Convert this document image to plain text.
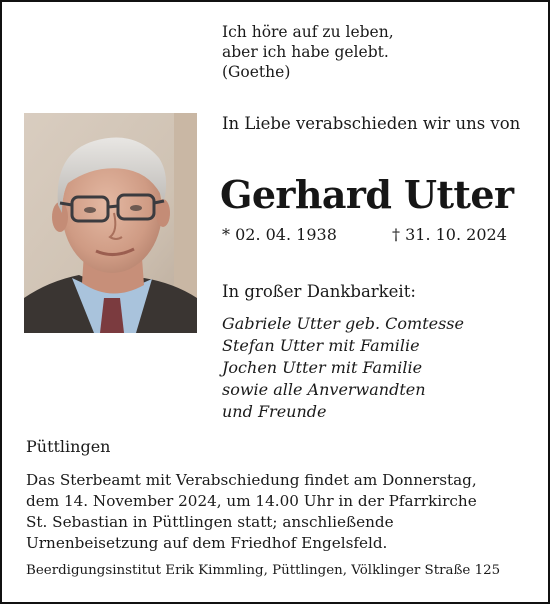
Ich höre auf zu leben,
aber ich habe gelebt.
(Goethe)
In Liebe verabschieden wir uns von
Gerhard Utter
* 02. 04. 1938	† 31. 10. 2024
In großer Dankbarkeit:
Gabriele Utter geb. Comtesse
Stefan Utter mit Familie
Jochen Utter mit Familie
sowie alle Anverwandten
und Freunde
Püttlingen
Das Sterbeamt mit Verabschiedung findet am Donnerstag,
dem 14. November 2024, um 14.00 Uhr in der Pfarrkirche
St. Sebastian in Püttlingen statt; anschließende
Urnenbeisetzung auf dem Friedhof Engelsfeld.
Beerdigungsinstitut Erik Kimmling, Püttlingen, Völklinger Straße 125
